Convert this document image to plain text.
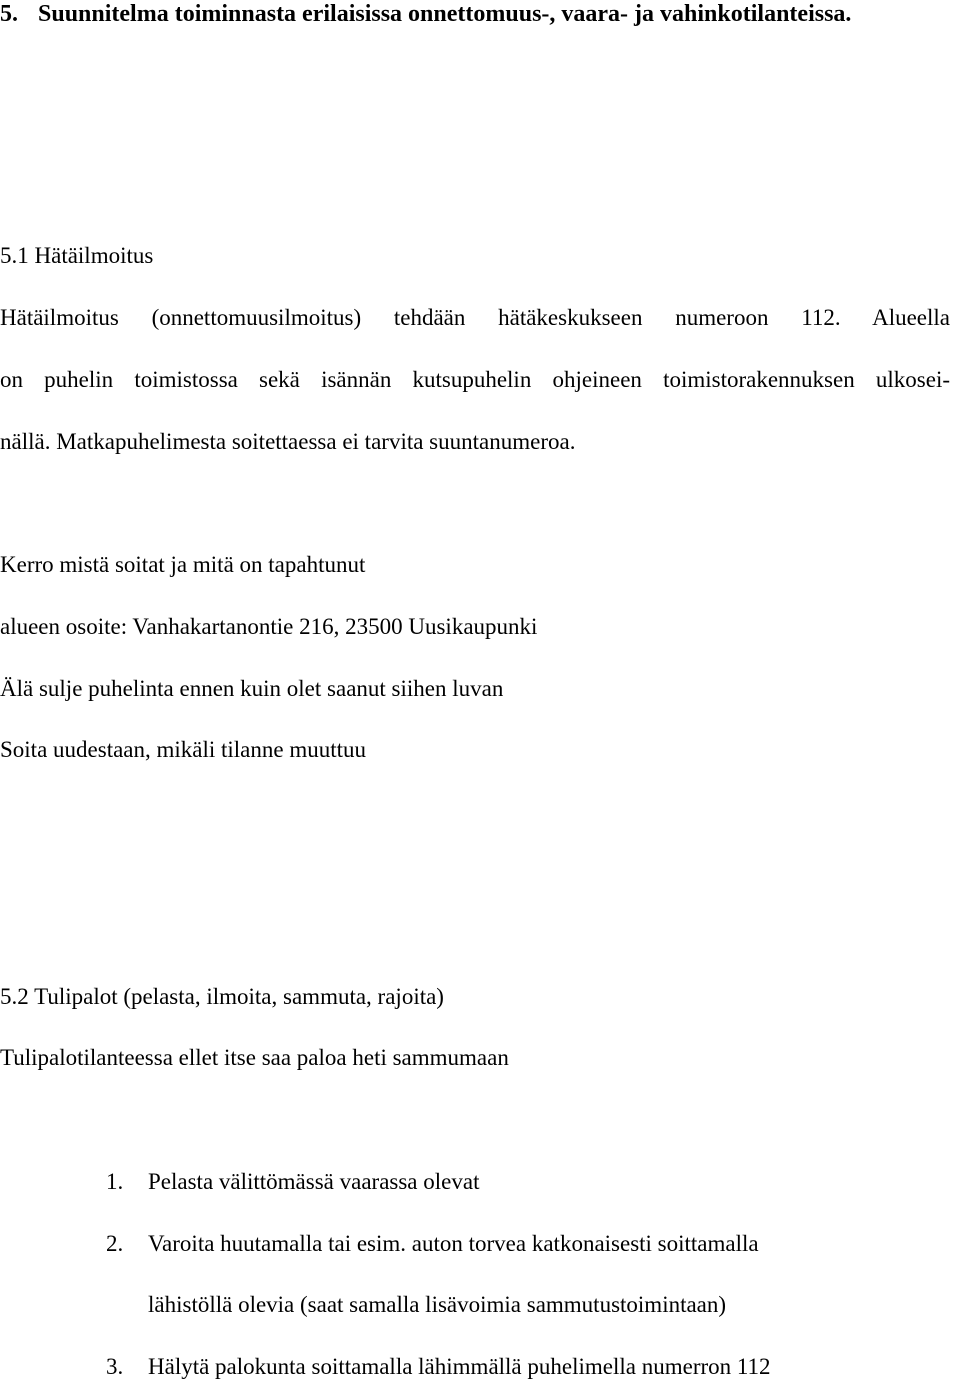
5. Suunnitelma toiminnasta erilaisissa onnettomuus-, vaara- ja vahinkotilanteissa.

5.1 Hätäilmoitus

Hätäilmoitus (onnettomuusilmoitus) tehdään hätäkeskukseen numeroon 112. Alueella

on puhelin toimistossa sekä isännän kutsupuhelin ohjeineen toimistorakennuksen ulkosei-

nällä. Matkapuhelimesta soitettaessa ei tarvita suuntanumeroa.

Kerro mistä soitat ja mitä on tapahtunut

alueen osoite: Vanhakartanontie 216, 23500 Uusikaupunki

Älä sulje puhelinta ennen kuin olet saanut siihen luvan

Soita uudestaan, mikäli tilanne muuttuu

5.2 Tulipalot (pelasta, ilmoita, sammuta, rajoita)

Tulipalotilanteessa ellet itse saa paloa heti sammumaan

1. Pelasta välittömässä vaarassa olevat
2. Varoita huutamalla tai esim. auton torvea katkonaisesti soittamalla
lähistöllä olevia (saat samalla lisävoimia sammutustoimintaan)
3. Hälytä palokunta soittamalla lähimmällä puhelimella numerron 112
